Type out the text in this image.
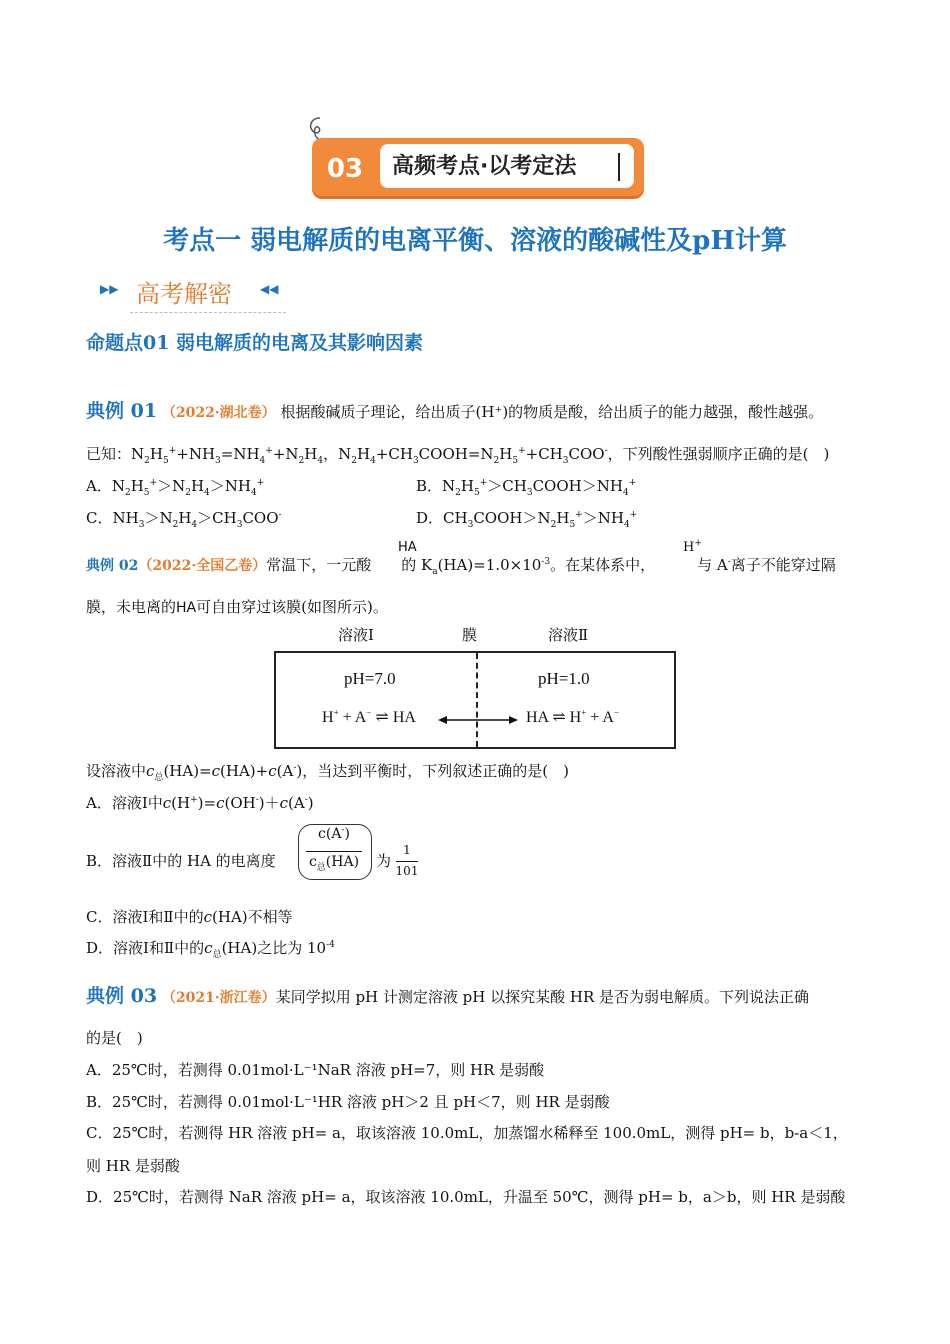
03	高频考点·以考定法
考点一 弱电解质的电离平衡、溶液的酸碱性及pH计算
▶▶ 高考解密 ◀◀
命题点01 弱电解质的电离及其影响因素
典例 01 （2022·湖北卷） 根据酸碱质子理论，给出质子(H⁺)的物质是酸，给出质子的能力越强，酸性越强。
已知：$N_2H_5^++NH_3=NH_4^++N_2H_4$，$N_2H_4+CH_3COOH=N_2H_5^++CH_3COO^-$，下列酸性强弱顺序正确的是(　)
A．$N_2H_5^+>N_2H_4>NH_4^+$	B．$N_2H_5^+>CH_3COOH>NH_4^+$
C．$NH_3>N_2H_4>CH_3COO^-$	D．$CH_3COOH>N_2H_5^+>NH_4^+$
典例 02（2022·全国乙卷）常温下，一元酸 的 $K_a(HA)=1.0\times 10^{-3}$。在某体系中，	与 A-离子不能穿过隔
HA	H+
膜，未电离的HA可自由穿过该膜(如图所示)。
溶液Ⅰ	膜	溶液Ⅱ
pH=7.0	pH=1.0
H+ + A− ⇌ HA	HA ⇌ H+ + A−
设溶液中$c_总(HA)=c(HA)+c(A^-)$，当达到平衡时，下列叙述正确的是(　)
A．溶液Ⅰ中c(H+)=c(OH-)＋c(A-)
B．溶液Ⅱ中的 HA 的电离度
c(A-)
$c_总(HA)$	为
1
101
C．溶液Ⅰ和Ⅱ中的c(HA)不相等
D．溶液Ⅰ和Ⅱ中的$c_总(HA)$之比为 $10^{-4}$
典例 03 （2021·浙江卷）某同学拟用 pH 计测定溶液 pH 以探究某酸 HR 是否为弱电解质。下列说法正确
的是(　)
A．25℃时，若测得 0.01mol·L⁻¹NaR 溶液 pH=7，则 HR 是弱酸
B．25℃时，若测得 0.01mol·L⁻¹HR 溶液 pH＞2 且 pH＜7，则 HR 是弱酸
C．25℃时，若测得 HR 溶液 pH= a，取该溶液 10.0mL，加蒸馏水稀释至 100.0mL，测得 pH= b，b-a＜1，
则 HR 是弱酸
D．25℃时，若测得 NaR 溶液 pH= a，取该溶液 10.0mL，升温至 50℃，测得 pH= b，a＞b，则 HR 是弱酸
